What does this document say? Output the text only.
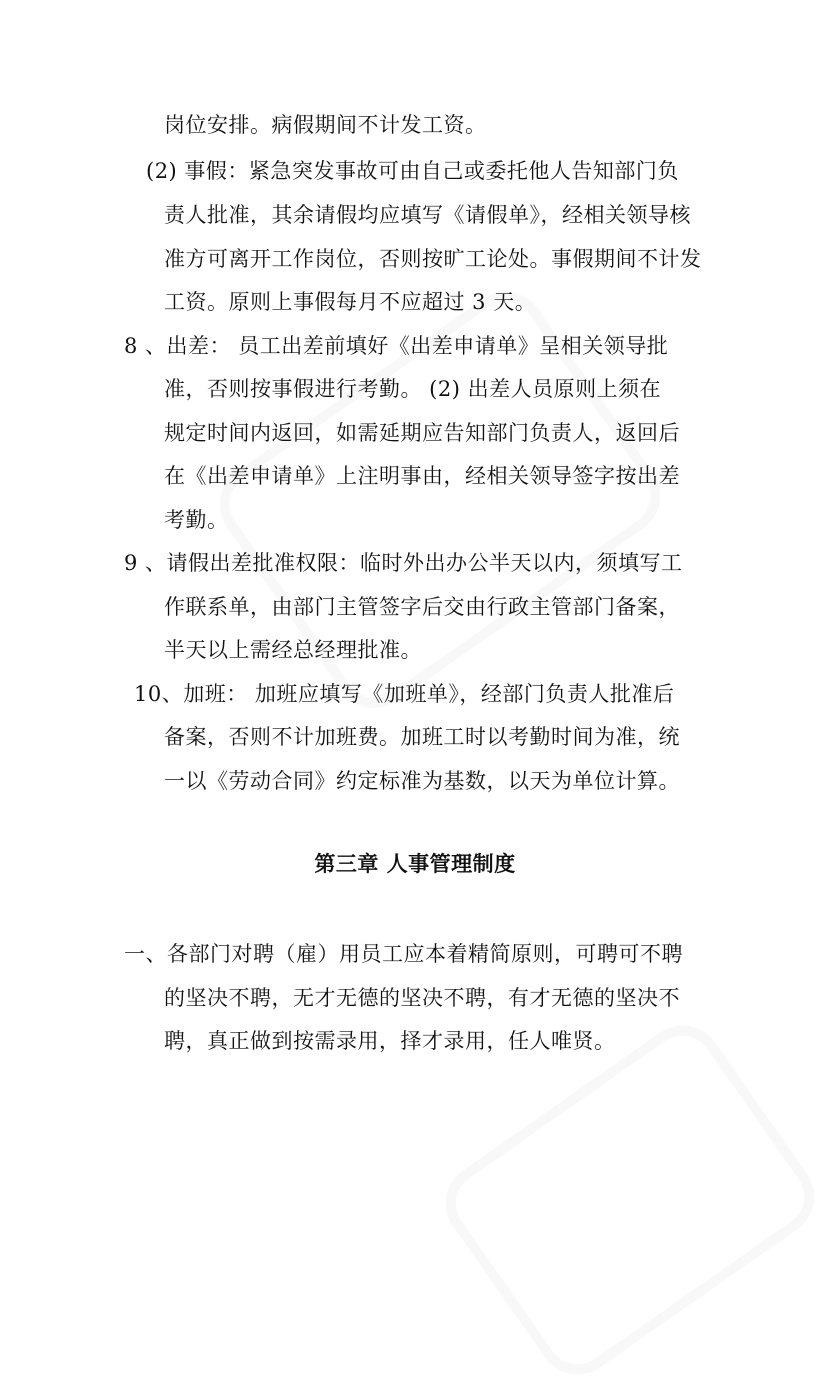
岗位安排。病假期间不计发工资。
(2) 事假：紧急突发事故可由自己或委托他人告知部门负
责人批准，其余请假均应填写《请假单》，经相关领导核
准方可离开工作岗位，否则按旷工论处。事假期间不计发
工资。原则上事假每月不应超过 3 天。
8 、出差： 员工出差前填好《出差申请单》呈相关领导批
准，否则按事假进行考勤。 (2) 出差人员原则上须在
规定时间内返回，如需延期应告知部门负责人，返回后
在《出差申请单》上注明事由，经相关领导签字按出差
考勤。
9 、请假出差批准权限：临时外出办公半天以内，须填写工
作联系单，由部门主管签字后交由行政主管部门备案，
半天以上需经总经理批准。
10、加班： 加班应填写《加班单》，经部门负责人批准后
备案，否则不计加班费。加班工时以考勤时间为准，统
一以《劳动合同》约定标准为基数，以天为单位计算。
第三章 人事管理制度
一、各部门对聘（雇）用员工应本着精简原则，可聘可不聘
的坚决不聘，无才无德的坚决不聘，有才无德的坚决不
聘，真正做到按需录用，择才录用，任人唯贤。
